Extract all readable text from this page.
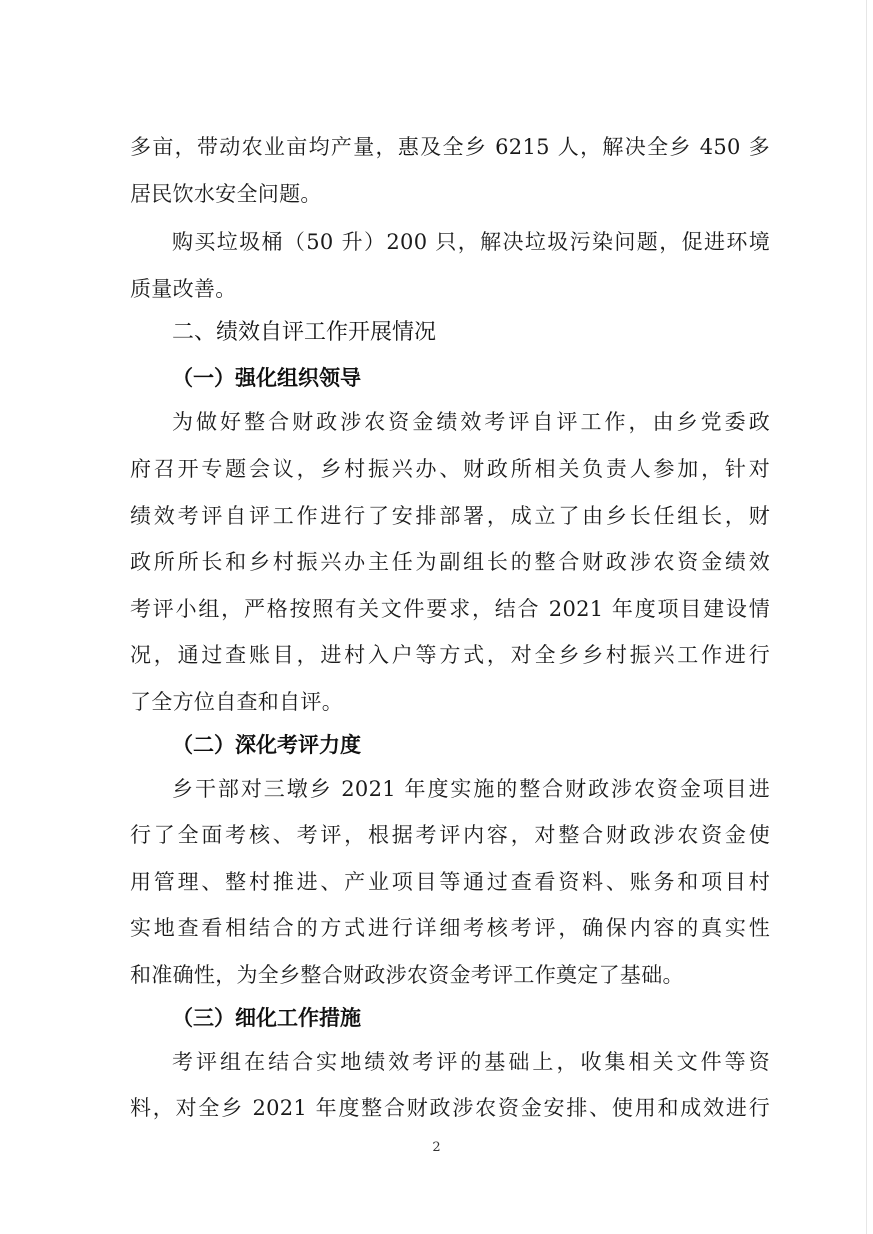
多亩，带动农业亩均产量，惠及全乡 6215 人，解决全乡 450 多
居民饮水安全问题。
购买垃圾桶（50 升）200 只，解决垃圾污染问题，促进环境
质量改善。
二、绩效自评工作开展情况
（一）强化组织领导
为做好整合财政涉农资金绩效考评自评工作，由乡党委政
府召开专题会议，乡村振兴办、财政所相关负责人参加，针对
绩效考评自评工作进行了安排部署，成立了由乡长任组长，财
政所所长和乡村振兴办主任为副组长的整合财政涉农资金绩效
考评小组，严格按照有关文件要求，结合 2021 年度项目建设情
况，通过查账目，进村入户等方式，对全乡乡村振兴工作进行
了全方位自查和自评。
（二）深化考评力度
乡干部对三墩乡 2021 年度实施的整合财政涉农资金项目进
行了全面考核、考评，根据考评内容，对整合财政涉农资金使
用管理、整村推进、产业项目等通过查看资料、账务和项目村
实地查看相结合的方式进行详细考核考评，确保内容的真实性
和准确性，为全乡整合财政涉农资金考评工作奠定了基础。
（三）细化工作措施
考评组在结合实地绩效考评的基础上，收集相关文件等资
料，对全乡 2021 年度整合财政涉农资金安排、使用和成效进行
2
